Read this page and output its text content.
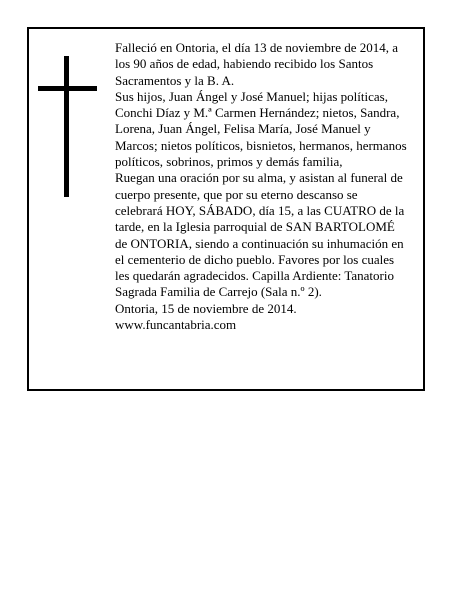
Falleció en Ontoria, el día 13 de noviembre de 2014, a
los 90 años de edad, habiendo recibido los Santos
Sacramentos y la B. A.
Sus hijos, Juan Ángel y José Manuel; hijas políticas,
Conchi Díaz y M.ª Carmen Hernández; nietos, Sandra,
Lorena, Juan Ángel, Felisa María, José Manuel y
Marcos; nietos políticos, bisnietos, hermanos, hermanos
políticos, sobrinos, primos y demás familia,
Ruegan una oración por su alma, y asistan al funeral de
cuerpo presente, que por su eterno descanso se
celebrará HOY, SÁBADO, día 15, a las CUATRO de la
tarde, en la Iglesia parroquial de SAN BARTOLOMÉ
de ONTORIA, siendo a continuación su inhumación en
el cementerio de dicho pueblo. Favores por los cuales
les quedarán agradecidos. Capilla Ardiente: Tanatorio
Sagrada Familia de Carrejo (Sala n.º 2).
Ontoria, 15 de noviembre de 2014.
www.funcantabria.com
